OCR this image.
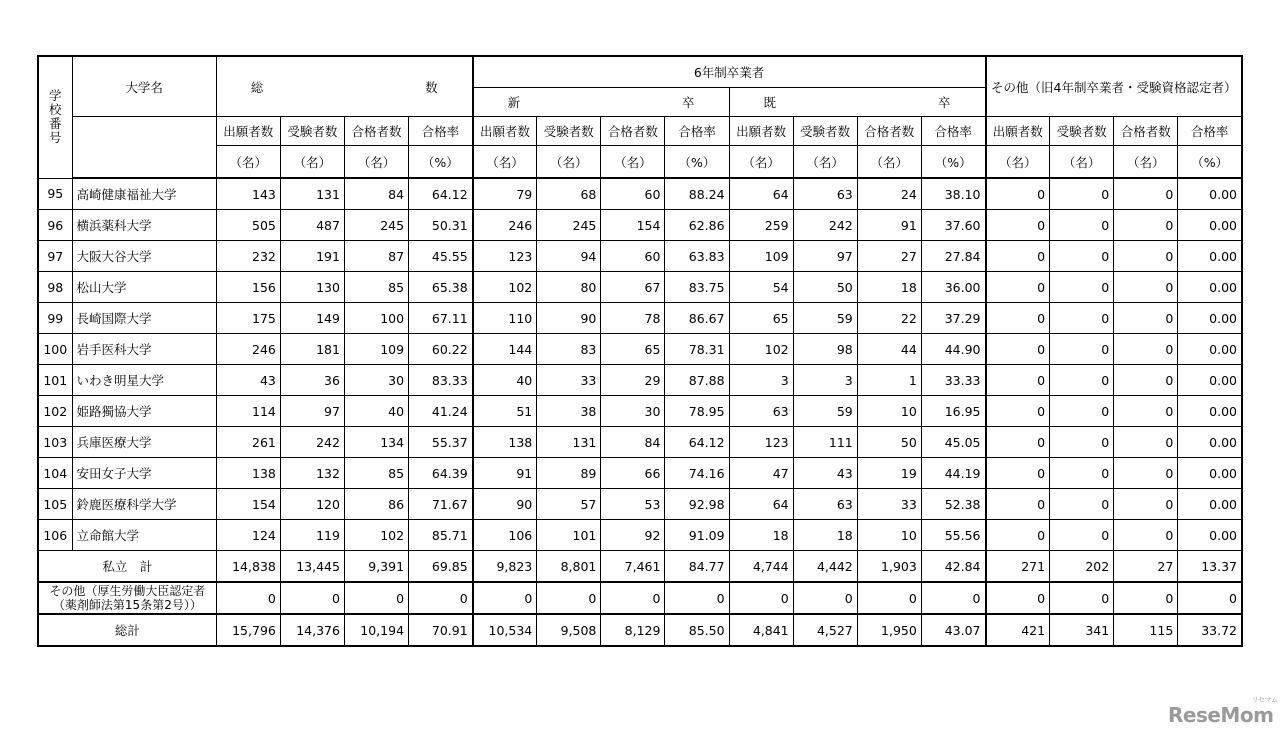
学
校
番
号	大学名	総 数				6年制卒業者								その他（旧4年制卒業者・受験資格認定者）			

						新 卒				既 卒							

		出願者数	受験者数	合格者数	合格率	出願者数	受験者数	合格者数	合格率	出願者数	受験者数	合格者数	合格率	出願者数	受験者数	合格者数	合格率
		（名）	（名）	（名）	（%）	（名）	（名）	（名）	（%）	（名）	（名）	（名）	（%）	（名）	（名）	（名）	（%）
95	高崎健康福祉大学	143	131	84	64.12	79	68	60	88.24	64	63	24	38.10	0	0	0	0.00
96	横浜薬科大学	505	487	245	50.31	246	245	154	62.86	259	242	91	37.60	0	0	0	0.00
97	大阪大谷大学	232	191	87	45.55	123	94	60	63.83	109	97	27	27.84	0	0	0	0.00
98	松山大学	156	130	85	65.38	102	80	67	83.75	54	50	18	36.00	0	0	0	0.00
99	長崎国際大学	175	149	100	67.11	110	90	78	86.67	65	59	22	37.29	0	0	0	0.00
100	岩手医科大学	246	181	109	60.22	144	83	65	78.31	102	98	44	44.90	0	0	0	0.00
101	いわき明星大学	43	36	30	83.33	40	33	29	87.88	3	3	1	33.33	0	0	0	0.00
102	姫路獨協大学	114	97	40	41.24	51	38	30	78.95	63	59	10	16.95	0	0	0	0.00
103	兵庫医療大学	261	242	134	55.37	138	131	84	64.12	123	111	50	45.05	0	0	0	0.00
104	安田女子大学	138	132	85	64.39	91	89	66	74.16	47	43	19	44.19	0	0	0	0.00
105	鈴鹿医療科学大学	154	120	86	71.67	90	57	53	92.98	64	63	33	52.38	0	0	0	0.00
106	立命館大学	124	119	102	85.71	106	101	92	91.09	18	18	10	55.56	0	0	0	0.00
私立　計		14,838	13,445	9,391	69.85	9,823	8,801	7,461	84.77	4,744	4,442	1,903	42.84	271	202	27	13.37
その他（厚生労働大臣認定者
（薬剤師法第15条第2号））		0	0	0	0	0	0	0	0	0	0	0	0	0	0	0	0
総計		15,796	14,376	10,194	70.91	10,534	9,508	8,129	85.50	4,841	4,527	1,950	43.07	421	341	115	33.72
ReseMom
リセマム
